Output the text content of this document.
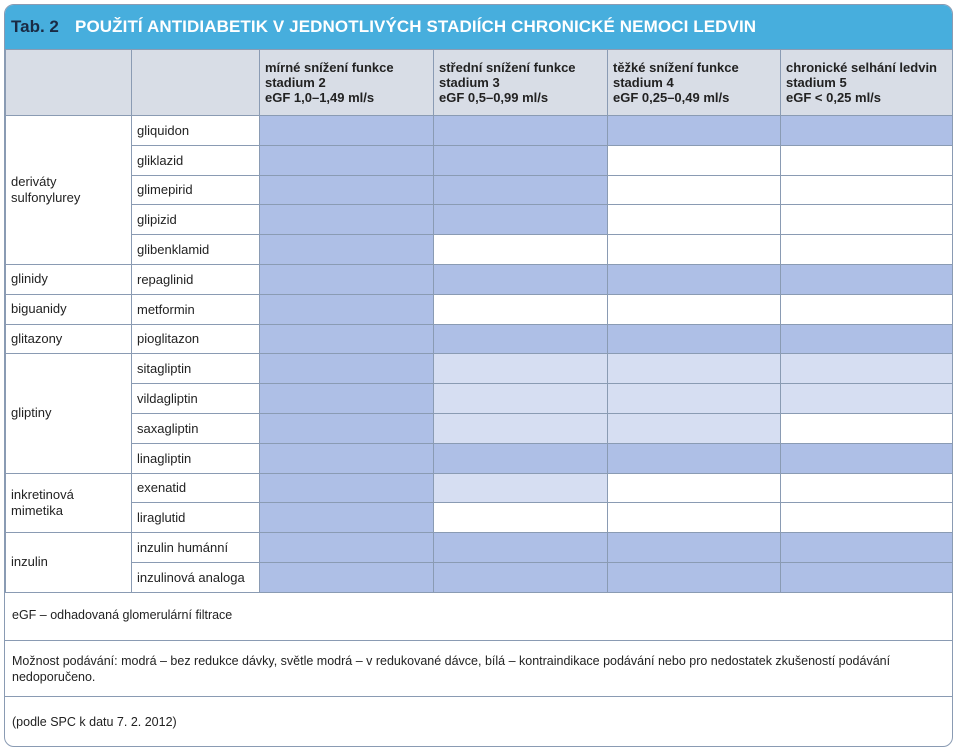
Tab. 2 POUŽITÍ ANTIDIABETIK V JEDNOTLIVÝCH STADIÍCH CHRONICKÉ NEMOCI LEDVIN

		mírné snížení funkce
stadium 2
eGF 1,0–1,49 ml/s	střední snížení funkce
stadium 3
eGF 0,5–0,99 ml/s	těžké snížení funkce
stadium 4
eGF 0,25–0,49 ml/s	chronické selhání ledvin
stadium 5
eGF < 0,25 ml/s

deriváty sulfonylurey	gliquidon				
	gliklazid				
	glimepirid				
	glipizid				
	glibenklamid				
glinidy	repaglinid				
biguanidy	metformin				
glitazony	pioglitazon				
gliptiny	sitagliptin				
	vildagliptin				
	saxagliptin				
	linagliptin				
inkretinová mimetika	exenatid				
	liraglutid				
inzulin	inzulin humánní				
	inzulinová analoga				
eGF – odhadovaná glomerulární filtrace
Možnost podávání: modrá – bez redukce dávky, světle modrá – v redukované dávce, bílá – kontraindikace podávání nebo pro nedostatek zkušeností podávání nedoporučeno.
(podle SPC k datu 7. 2. 2012)
